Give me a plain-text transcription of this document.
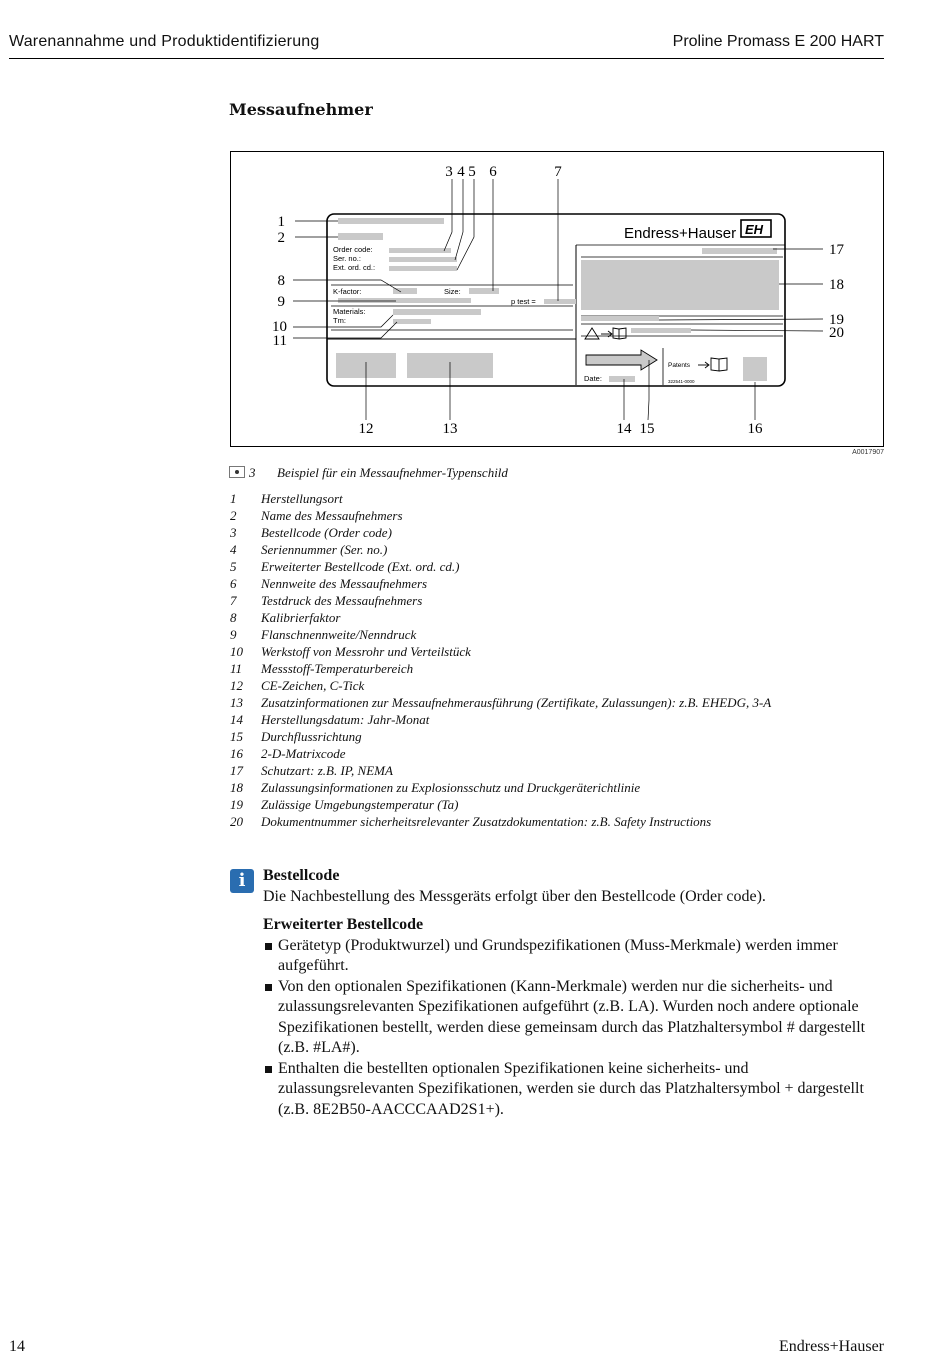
Warenannahme und Produktidentifizierung	Proline Promass E 200 HART
Messaufnehmer
Order code:
Ser. no.:
Ext. ord. cd.:
K-factor:	Size:
p test =
Materials:
Tm:
Date:
Patents
322541-0000
Endress+Hauser EH
1
2
3 4 5 6	7
8
9
10
11
12	13	14 15	16
17
18
19
20
A0017907
3 Beispiel für ein Messaufnehmer-Typenschild
1 Herstellungsort
2 Name des Messaufnehmers
3 Bestellcode (Order code)
4 Seriennummer (Ser. no.)
5 Erweiterter Bestellcode (Ext. ord. cd.)
6 Nennweite des Messaufnehmers
7 Testdruck des Messaufnehmers
8 Kalibrierfaktor
9 Flanschnennweite/Nenndruck
10 Werkstoff von Messrohr und Verteilstück
11 Messstoff-Temperaturbereich
12 CE-Zeichen, C-Tick
13 Zusatzinformationen zur Messaufnehmerausführung (Zertifikate, Zulassungen): z.B. EHEDG, 3-A
14 Herstellungsdatum: Jahr-Monat
15 Durchflussrichtung
16 2-D-Matrixcode
17 Schutzart: z.B. IP, NEMA
18 Zulassungsinformationen zu Explosionsschutz und Druckgeräterichtlinie
19 Zulässige Umgebungstemperatur (Ta)
20 Dokumentnummer sicherheitsrelevanter Zusatzdokumentation: z.B. Safety Instructions
i	Bestellcode

Die Nachbestellung des Messgeräts erfolgt über den Bestellcode (Order code).

Erweiterter Bestellcode
Gerätetyp (Produktwurzel) und Grundspezifikationen (Muss-Merkmale) werden immer aufgeführt.
Von den optionalen Spezifikationen (Kann-Merkmale) werden nur die sicherheits- und zulassungsrelevanten Spezifikationen aufgeführt (z.B. LA). Wurden noch andere optionale Spezifikationen bestellt, werden diese gemeinsam durch das Platzhaltersymbol # dargestellt (z.B. #LA#).
Enthalten die bestellten optionalen Spezifikationen keine sicherheits- und zulassungsrelevanten Spezifikationen, werden sie durch das Platzhaltersymbol + dargestellt (z.B. 8E2B50-AACCCAAD2S1+).
14	Endress+Hauser
